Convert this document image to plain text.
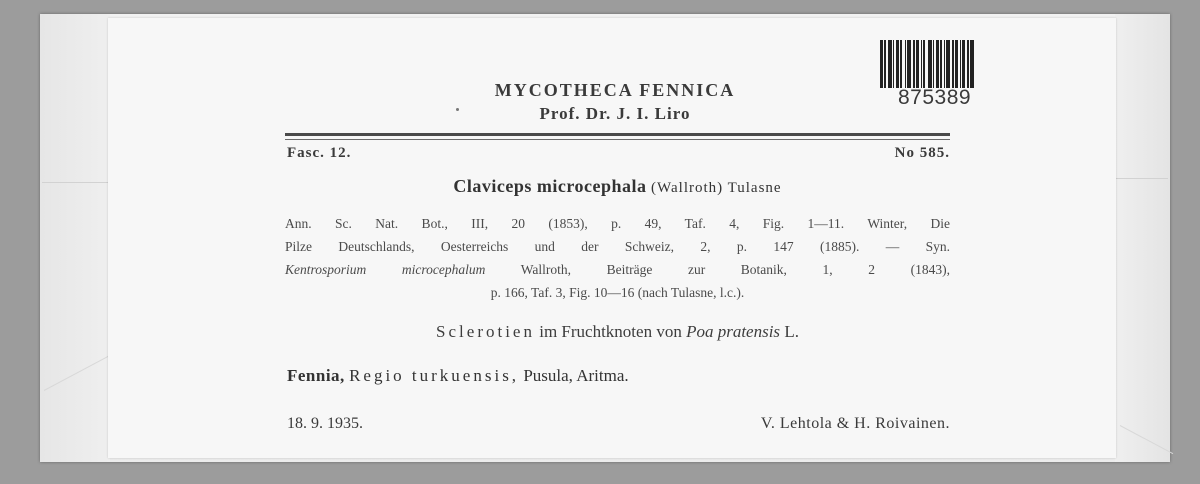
MYCOTHECA FENNICA
Prof. Dr. J. I. Liro
875389
Fasc. 12.	No 585.
Claviceps microcephala (Wallroth) Tulasne
Ann. Sc. Nat. Bot., III, 20 (1853), p. 49, Taf. 4, Fig. 1—11. Winter, Die
Pilze Deutschlands, Oesterreichs und der Schweiz, 2, p. 147 (1885). — Syn.
Kentrosporium microcephalum	Wallroth, Beiträge zur Botanik, 1, 2 (1843),
p. 166, Taf. 3, Fig. 10—16 (nach Tulasne, l.c.).
Sclerotien im Fruchtknoten von Poa pratensis L.
Fennia, Regio turkuensis, Pusula, Aritma.
18. 9. 1935.	V. Lehtola & H. Roivainen.
